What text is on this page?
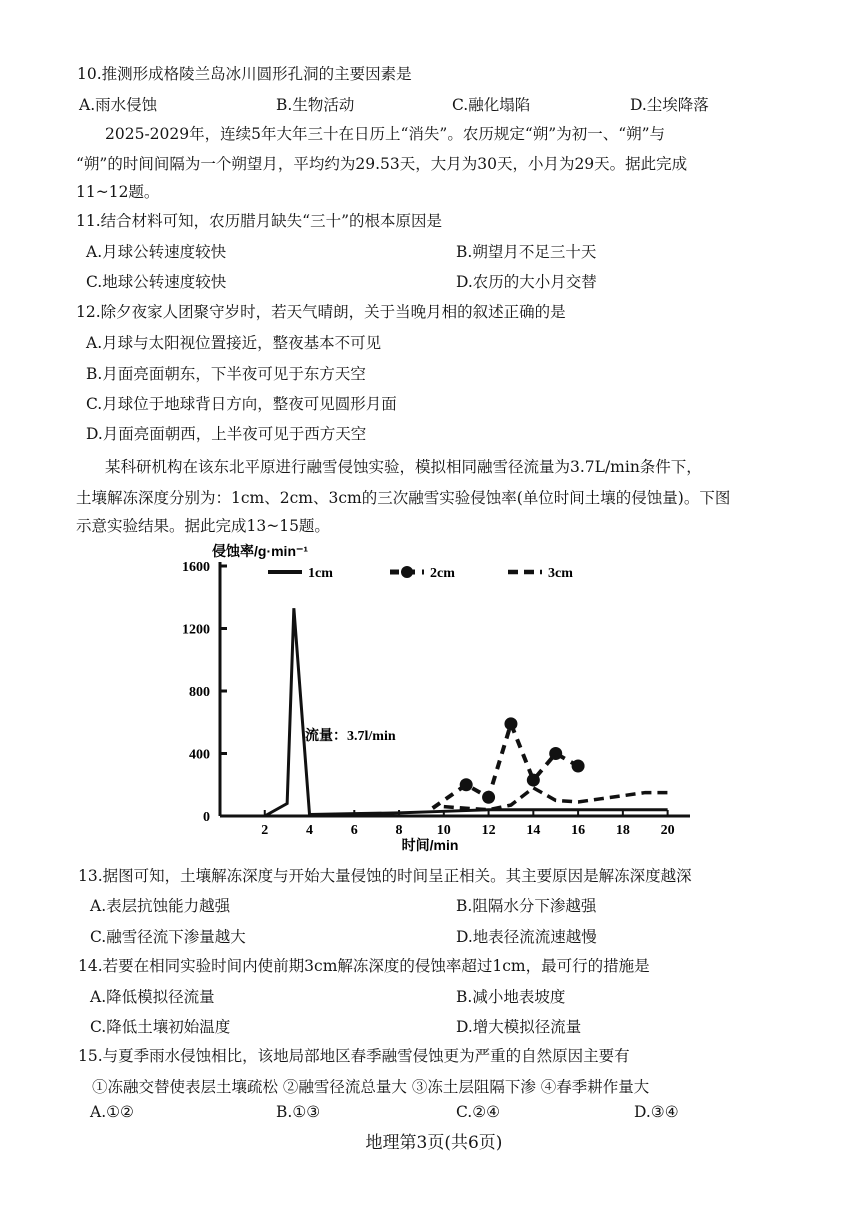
10.推测形成格陵兰岛冰川圆形孔洞的主要因素是
A.雨水侵蚀	B.生物活动	C.融化塌陷	D.尘埃降落
2025-2029年，连续5年大年三十在日历上“消失”。农历规定“朔”为初一、“朔”与
“朔”的时间间隔为一个朔望月，平均约为29.53天，大月为30天，小月为29天。据此完成
11~12题。
11.结合材料可知，农历腊月缺失“三十”的根本原因是
A.月球公转速度较快	B.朔望月不足三十天
C.地球公转速度较快	D.农历的大小月交替
12.除夕夜家人团聚守岁时，若天气晴朗，关于当晚月相的叙述正确的是
A.月球与太阳视位置接近，整夜基本不可见
B.月面亮面朝东，下半夜可见于东方天空
C.月球位于地球背日方向，整夜可见圆形月面
D.月面亮面朝西，上半夜可见于西方天空
某科研机构在该东北平原进行融雪侵蚀实验，模拟相同融雪径流量为3.7L/min条件下，
土壤解冻深度分别为：1cm、2cm、3cm的三次融雪实验侵蚀率(单位时间土壤的侵蚀量)。下图
示意实验结果。据此完成13~15题。
侵蚀率/g·min⁻¹
时间/min
流量：3.7l/min
0
400
800
1200
1600
2	4	6	8 10 12 14 16 18 20
1cm	2cm	3cm
13.据图可知，土壤解冻深度与开始大量侵蚀的时间呈正相关。其主要原因是解冻深度越深
A.表层抗蚀能力越强	B.阻隔水分下渗越强
C.融雪径流下渗量越大	D.地表径流流速越慢
14.若要在相同实验时间内使前期3cm解冻深度的侵蚀率超过1cm，最可行的措施是
A.降低模拟径流量	B.减小地表坡度
C.降低土壤初始温度	D.增大模拟径流量
15.与夏季雨水侵蚀相比，该地局部地区春季融雪侵蚀更为严重的自然原因主要有
①冻融交替使表层土壤疏松 ②融雪径流总量大 ③冻土层阻隔下渗 ④春季耕作量大
A.①②	B.①③	C.②④	D.③④
地理第3页(共6页)
